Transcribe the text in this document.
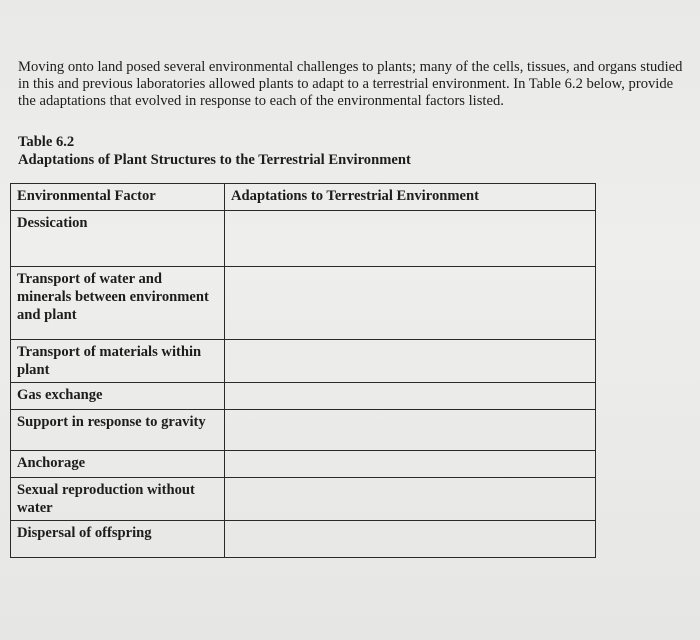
Moving onto land posed several environmental challenges to plants; many of the cells, tissues, and organs studied in this and previous laboratories allowed plants to adapt to a terrestrial environment. In Table 6.2 below, provide the adaptations that evolved in response to each of the environmental factors listed.

Table 6.2
Adaptations of Plant Structures to the Terrestrial Environment
Environmental Factor	Adaptations to Terrestrial Environment
Dessication	
Transport of water and minerals between environment and plant	
Transport of materials within plant	
Gas exchange	
Support in response to gravity	
Anchorage	
Sexual reproduction without water	
Dispersal of offspring	
